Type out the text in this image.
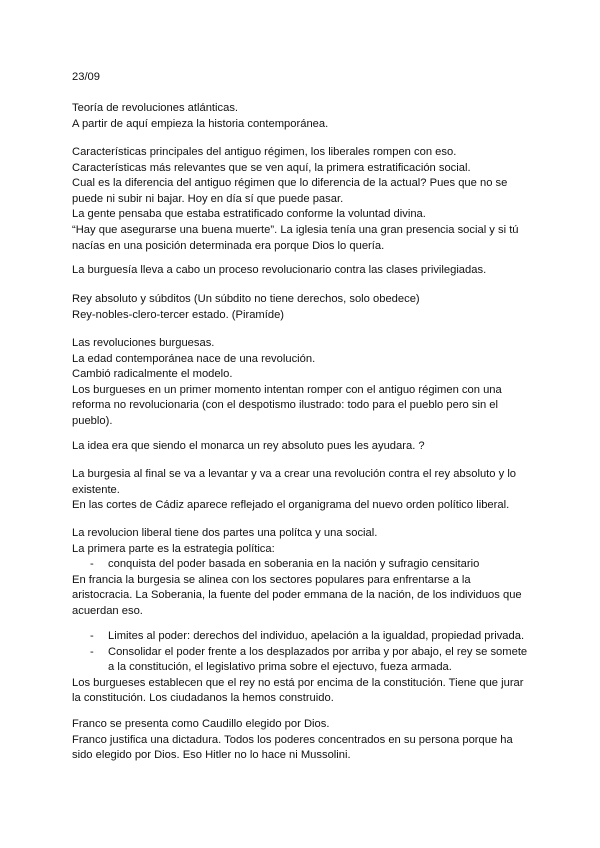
23/09
Teoría de revoluciones atlánticas.
A partir de aquí empieza la historia contemporánea.
Características principales del antiguo régimen, los liberales rompen con eso.
Características más relevantes que se ven aquí, la primera estratificación social.
Cual es la diferencia del antiguo régimen que lo diferencia de la actual? Pues que no se
puede ni subir ni bajar. Hoy en día sí que puede pasar.
La gente pensaba que estaba estratificado conforme la voluntad divina.
“Hay que asegurarse una buena muerte”. La iglesia tenía una gran presencia social y si tú
nacías en una posición determinada era porque Dios lo quería.
La burguesía lleva a cabo un proceso revolucionario contra las clases privilegiadas.
Rey absoluto y súbditos (Un súbdito no tiene derechos, solo obedece)
Rey-nobles-clero-tercer estado. (Piramíde)
Las revoluciones burguesas.
La edad contemporánea nace de una revolución.
Cambió radicalmente el modelo.
Los burgueses en un primer momento intentan romper con el antiguo régimen con una
reforma no revolucionaria (con el despotismo ilustrado: todo para el pueblo pero sin el
pueblo).
La idea era que siendo el monarca un rey absoluto pues les ayudara. ?
La burgesia al final se va a levantar y va a crear una revolución contra el rey absoluto y lo
existente.
En las cortes de Cádiz aparece reflejado el organigrama del nuevo orden político liberal.
La revolucion liberal tiene dos partes una polítca y una social.
La primera parte es la estrategia política:
- conquista del poder basada en soberania en la nación y sufragio censitario
En francia la burgesia se alinea con los sectores populares para enfrentarse a la
aristocracia. La Soberania, la fuente del poder emmana de la nación, de los individuos que
acuerdan eso.
- Limites al poder: derechos del individuo, apelación a la igualdad, propiedad privada.
- Consolidar el poder frente a los desplazados por arriba y por abajo, el rey se somete
a la constitución, el legislativo prima sobre el ejectuvo, fueza armada.
Los burgueses establecen que el rey no está por encima de la constitución. Tiene que jurar
la constitución. Los ciudadanos la hemos construido.
Franco se presenta como Caudillo elegido por Dios.
Franco justifica una dictadura. Todos los poderes concentrados en su persona porque ha
sido elegido por Dios. Eso Hitler no lo hace ni Mussolini.
